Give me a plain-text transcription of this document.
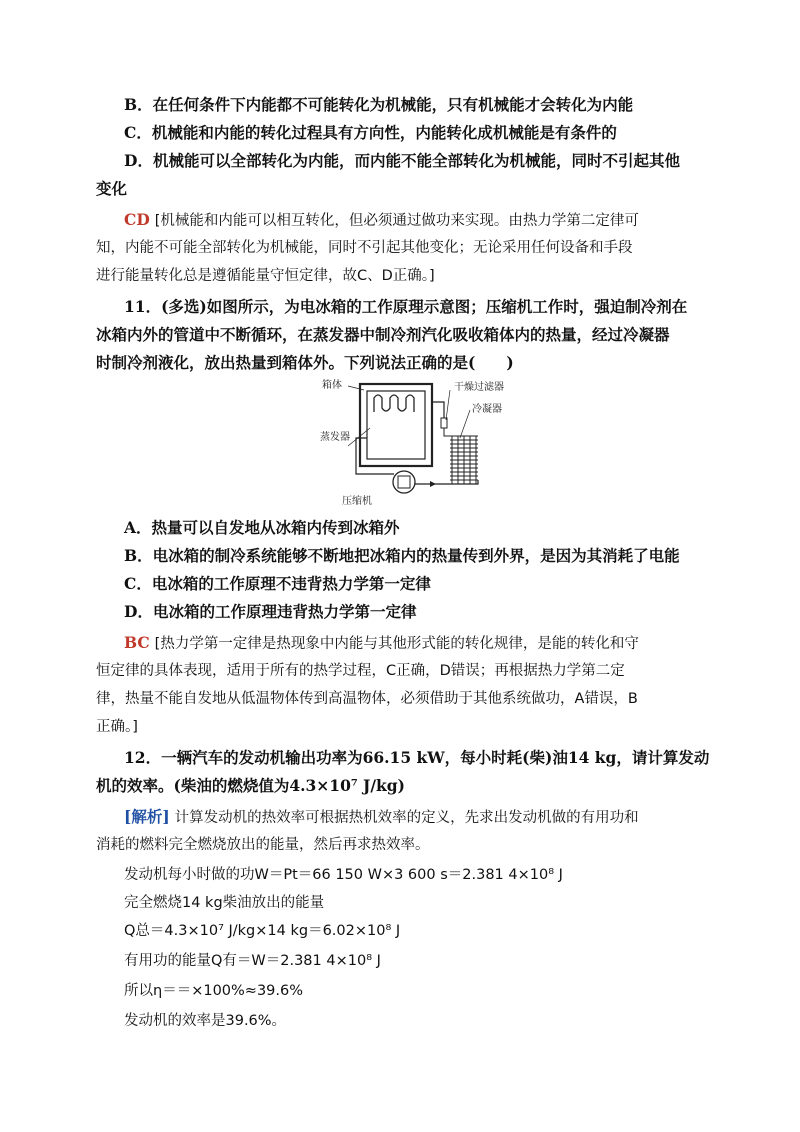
B．在任何条件下内能都不可能转化为机械能，只有机械能才会转化为内能
C．机械能和内能的转化过程具有方向性，内能转化成机械能是有条件的
D．机械能可以全部转化为内能，而内能不能全部转化为机械能，同时不引起其他
变化
CD [机械能和内能可以相互转化，但必须通过做功来实现。由热力学第二定律可
知，内能不可能全部转化为机械能，同时不引起其他变化；无论采用任何设备和手段
进行能量转化总是遵循能量守恒定律，故C、D正确。]
11．(多选)如图所示，为电冰箱的工作原理示意图；压缩机工作时，强迫制冷剂在
冰箱内外的管道中不断循环，在蒸发器中制冷剂汽化吸收箱体内的热量，经过冷凝器
时制冷剂液化，放出热量到箱体外。下列说法正确的是(　　)
箱体	干燥过滤器
冷凝器
蒸发器
压缩机
A．热量可以自发地从冰箱内传到冰箱外
B．电冰箱的制冷系统能够不断地把冰箱内的热量传到外界，是因为其消耗了电能
C．电冰箱的工作原理不违背热力学第一定律
D．电冰箱的工作原理违背热力学第一定律
BC [热力学第一定律是热现象中内能与其他形式能的转化规律，是能的转化和守
恒定律的具体表现，适用于所有的热学过程，C正确，D错误；再根据热力学第二定
律，热量不能自发地从低温物体传到高温物体，必须借助于其他系统做功，A错误，B
正确。]
12．一辆汽车的发动机输出功率为66.15 kW，每小时耗(柴)油14 kg，请计算发动
机的效率。(柴油的燃烧值为4.3×10⁷ J/kg)
[解析] 计算发动机的热效率可根据热机效率的定义，先求出发动机做的有用功和
消耗的燃料完全燃烧放出的能量，然后再求热效率。
发动机每小时做的功W＝Pt＝66 150 W×3 600 s＝2.381 4×10⁸ J
完全燃烧14 kg柴油放出的能量
Q总＝4.3×10⁷ J/kg×14 kg＝6.02×10⁸ J
有用功的能量Q有＝W＝2.381 4×10⁸ J
所以η＝＝×100%≈39.6%
发动机的效率是39.6%。
